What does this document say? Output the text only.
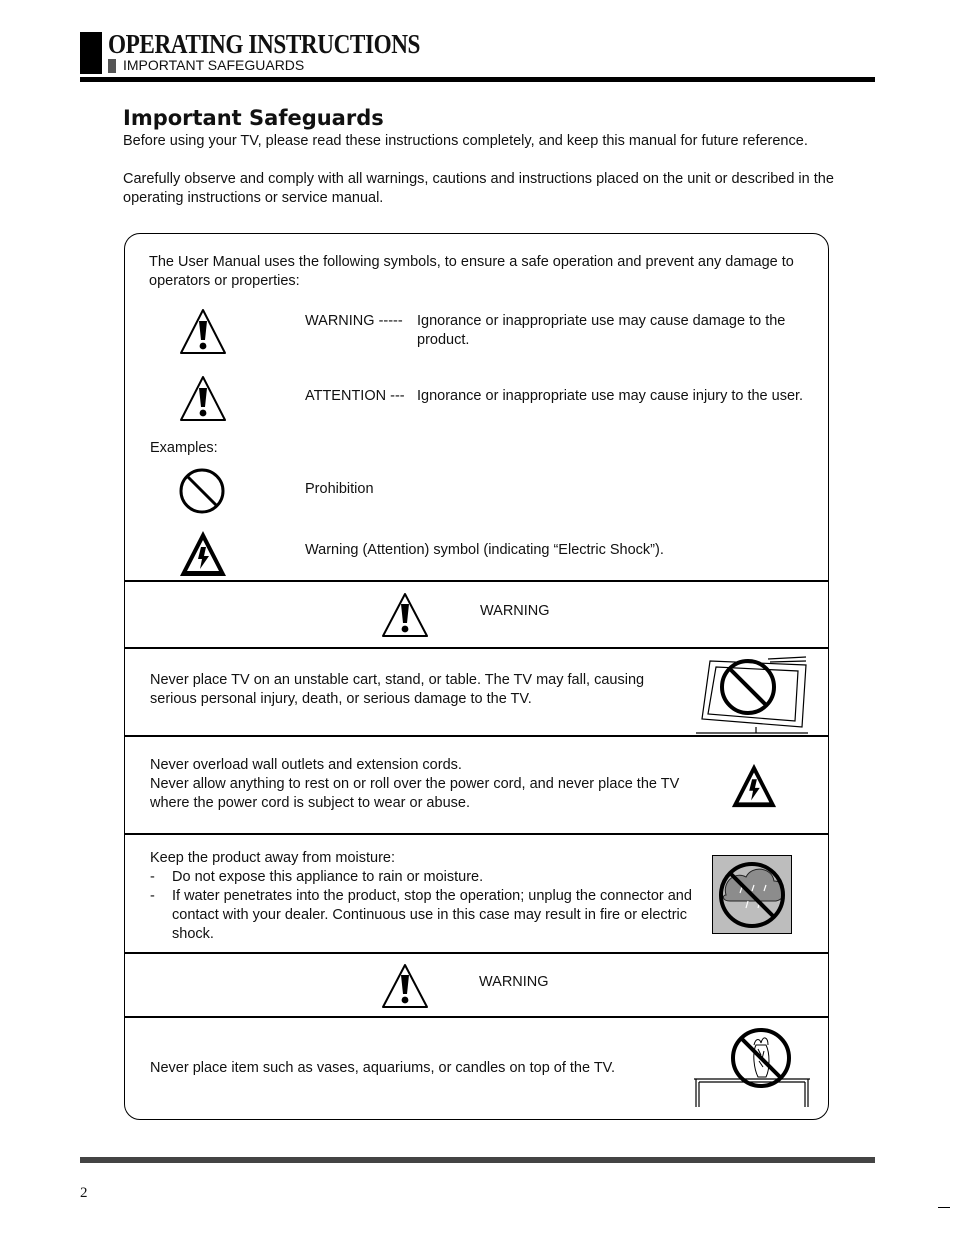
OPERATING INSTRUCTIONS
IMPORTANT SAFEGUARDS
Important Safeguards
Before using your TV, please read these instructions completely, and keep this manual for future reference.
Carefully observe and comply with all warnings, cautions and instructions placed on the unit or described in the operating instructions or service manual.
The User Manual uses the following symbols, to ensure a safe operation and prevent any damage to operators or properties:
WARNING ----- Ignorance or inappropriate use may cause damage to the product.
ATTENTION --- Ignorance or inappropriate use may cause injury to the user.
Examples:
Prohibition
Warning (Attention) symbol (indicating “Electric Shock”).
WARNING
Never place TV on an unstable cart, stand, or table. The TV may fall, causing serious personal injury, death, or serious damage to the TV.
Never overload wall outlets and extension cords.
Never allow anything to rest on or roll over the power cord, and never place the TV where the power cord is subject to wear or abuse.
Keep the product away from moisture:
- Do not expose this appliance to rain or moisture.
- If water penetrates into the product, stop the operation; unplug the connector and contact with your dealer. Continuous use in this case may result in fire or electric shock.
WARNING
Never place item such as vases, aquariums, or candles on top of the TV.
2
